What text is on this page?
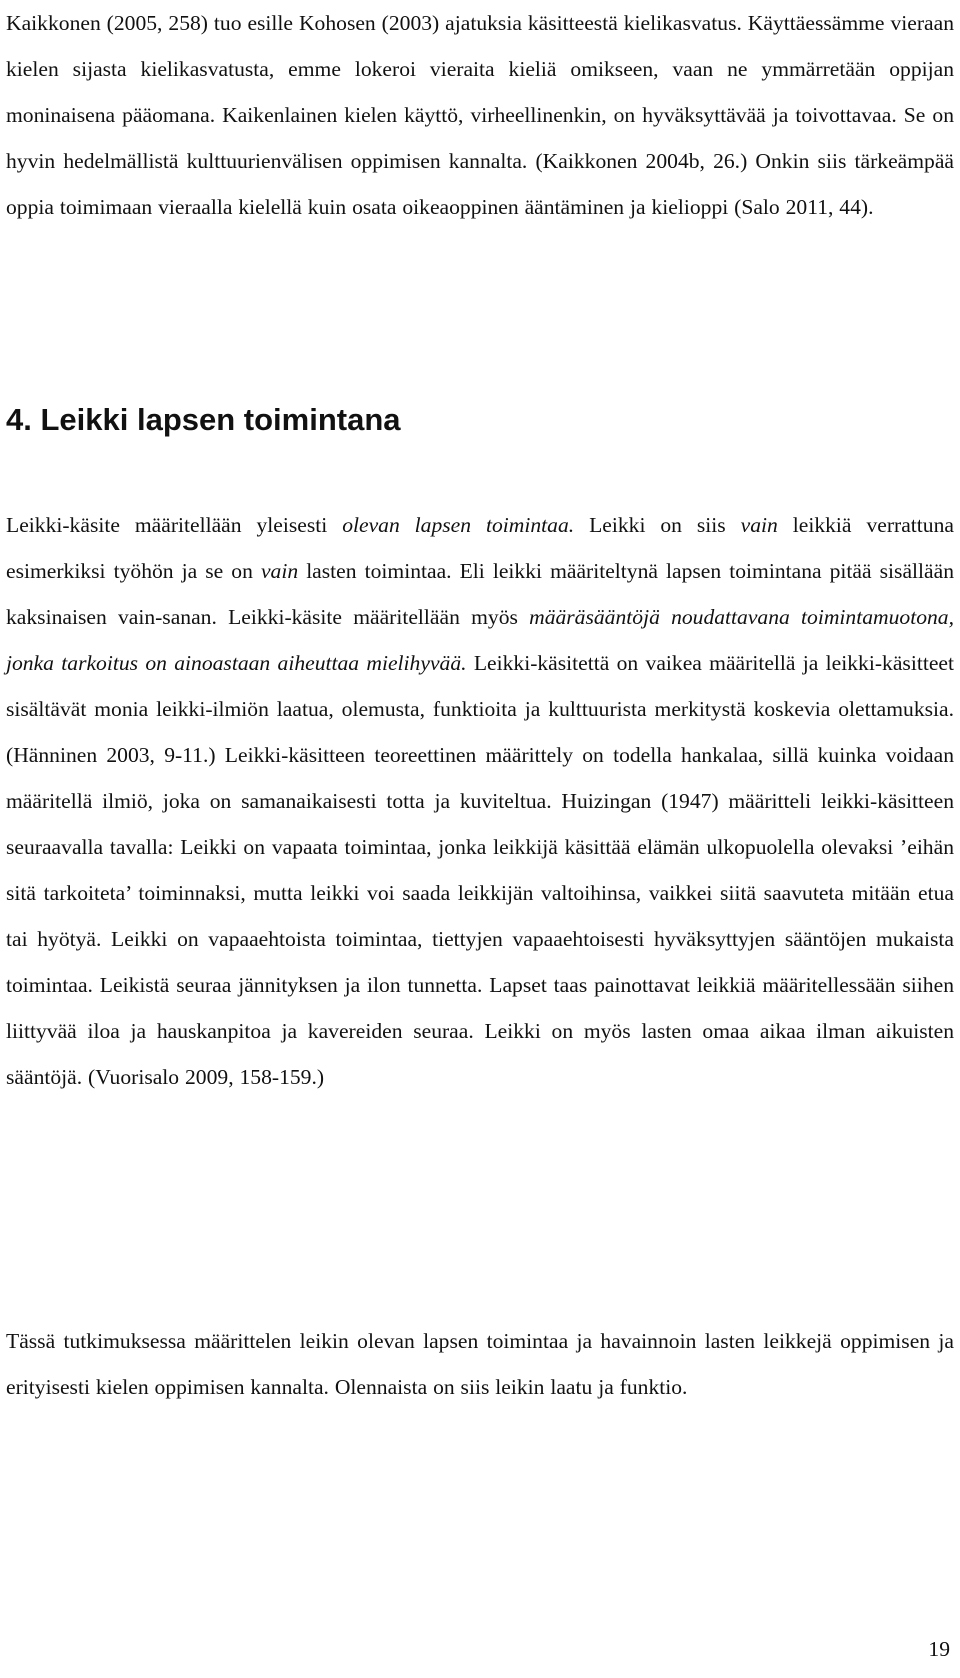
Kaikkonen (2005, 258) tuo esille Kohosen (2003) ajatuksia käsitteestä kielikasvatus. Käyttäessämme vieraan kielen sijasta kielikasvatusta, emme lokeroi vieraita kieliä omikseen, vaan ne ymmärretään oppijan moninaisena pääomana. Kaikenlainen kielen käyttö, virheellinenkin, on hyväksyttävää ja toivottavaa. Se on hyvin hedelmällistä kulttuurienvälisen oppimisen kannalta. (Kaikkonen 2004b, 26.) Onkin siis tärkeämpää oppia toimimaan vieraalla kielellä kuin osata oikeaoppinen ääntäminen ja kielioppi (Salo 2011, 44).

4. Leikki lapsen toimintana

Leikki-käsite määritellään yleisesti olevan lapsen toimintaa. Leikki on siis vain leikkiä verrattuna esimerkiksi työhön ja se on vain lasten toimintaa. Eli leikki määriteltynä lapsen toimintana pitää sisällään kaksinaisen vain-sanan. Leikki-käsite määritellään myös määräsääntöjä noudattavana toimintamuotona, jonka tarkoitus on ainoastaan aiheuttaa mielihyvää. Leikki-käsitettä on vaikea määritellä ja leikki-käsitteet sisältävät monia leikki-ilmiön laatua, olemusta, funktioita ja kulttuurista merkitystä koskevia olettamuksia. (Hänninen 2003, 9-11.) Leikki-käsitteen teoreettinen määrittely on todella hankalaa, sillä kuinka voidaan määritellä ilmiö, joka on samanaikaisesti totta ja kuviteltua. Huizingan (1947) määritteli leikki-käsitteen seuraavalla tavalla: Leikki on vapaata toimintaa, jonka leikkijä käsittää elämän ulkopuolella olevaksi ’eihän sitä tarkoiteta’ toiminnaksi, mutta leikki voi saada leikkijän valtoihinsa, vaikkei siitä saavuteta mitään etua tai hyötyä. Leikki on vapaaehtoista toimintaa, tiettyjen vapaaehtoisesti hyväksyttyjen sääntöjen mukaista toimintaa. Leikistä seuraa jännityksen ja ilon tunnetta. Lapset taas painottavat leikkiä määritellessään siihen liittyvää iloa ja hauskanpitoa ja kavereiden seuraa. Leikki on myös lasten omaa aikaa ilman aikuisten sääntöjä. (Vuorisalo 2009, 158-159.)

Tässä tutkimuksessa määrittelen leikin olevan lapsen toimintaa ja havainnoin lasten leikkejä oppimisen ja erityisesti kielen oppimisen kannalta. Olennaista on siis leikin laatu ja funktio.

19
